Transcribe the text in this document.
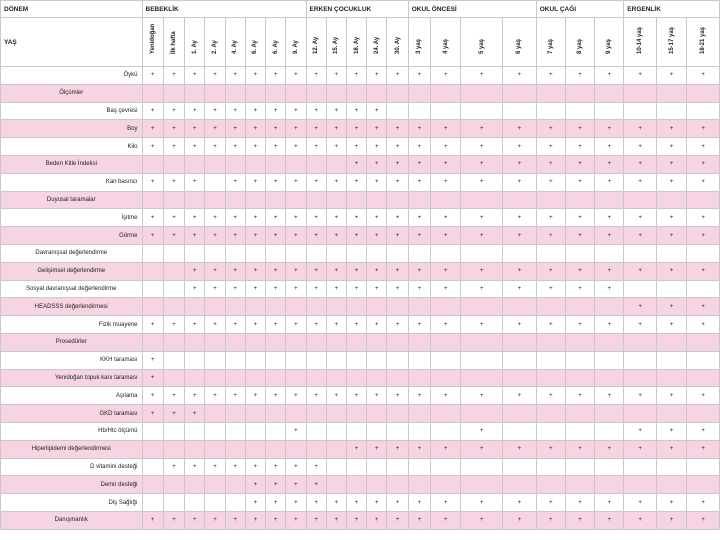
DÖNEM	BEBEKLİK								ERKEN ÇOCUKLUK					OKUL ÖNCESİ				OKUL ÇAĞI			ERGENLİK		
YAŞ	Yenidoğan	İlk hafta	1. Ay	2. Ay	4. Ay	6. Ay	6. Ay	9. Ay	12. Ay	15. Ay	18. Ay	24. Ay	30. Ay	3 yaş	4 yaş	5 yaş	6 yaş	7 yaş	8 yaş	9 yaş	10-14 yaş	15-17 yaş	18-21 yaş

Öykü	+	+	+	+	+	+	+	+	+	+	+	+	+	+	+	+	+	+	+	+	+	+	+
Ölçümler																							
Baş çevresi	+	+	+	+	+	+	+	+	+	+	+	+											
Boy	+	+	+	+	+	+	+	+	+	+	+	+	+	+	+	+	+	+	+	+	+	+	+
Kilo	+	+	+	+	+	+	+	+	+	+	+	+	+	+	+	+	+	+	+	+	+	+	+
Beden Kitle İndeksi											+	+	+	+	+	+	+	+	+	+	+	+	+
Kan basıncı	+	+	+		+	+	+	+	+	+	+	+	+	+	+	+	+	+	+	+	+	+	+
Duyusal taramalar																							
İşitme	+	+	+	+	+	+	+	+	+	+	+	+	+	+	+	+	+	+	+	+	+	+	+
Görme	+	+	+	+	+	+	+	+	+	+	+	+	+	+	+	+	+	+	+	+	+	+	+
Davranışsal değerlendirme																							
Gelişimsel değerlendirme			+	+	+	+	+	+	+	+	+	+	+	+	+	+	+	+	+	+	+	+	+
Sosyal davranışsal değerlendirme			+	+	+	+	+	+	+	+	+	+	+	+	+	+	+	+	+	+			
HEADSSS değerlendirmesi																					+	+	+
Fizik muayene	+	+	+	+	+	+	+	+	+	+	+	+	+	+	+	+	+	+	+	+	+	+	+
Prosedürler																							
KKH taraması	+																						
Yenidoğan topuk kanı taraması	+																						
Aşılama	+	+	+	+	+	+	+	+	+	+	+	+	+	+	+	+	+	+	+	+	+	+	+
GKD taraması	+	+	+																				
Hb/Htc ölçümü								+								+					+	+	+
Hiperlipidemi değerlendirmesi											+	+	+	+	+	+	+	+	+	+	+	+	+
D vitamini desteği		+	+	+	+	+	+	+	+														
Demir desteği						+	+	+	+														
Diş Sağlığı						+	+	+	+	+	+	+	+	+	+	+	+	+	+	+	+	+	+
Danışmanlık	+	+	+	+	+	+	+	+	+	+	+	+	+	+	+	+	+	+	+	+	+	+	+
